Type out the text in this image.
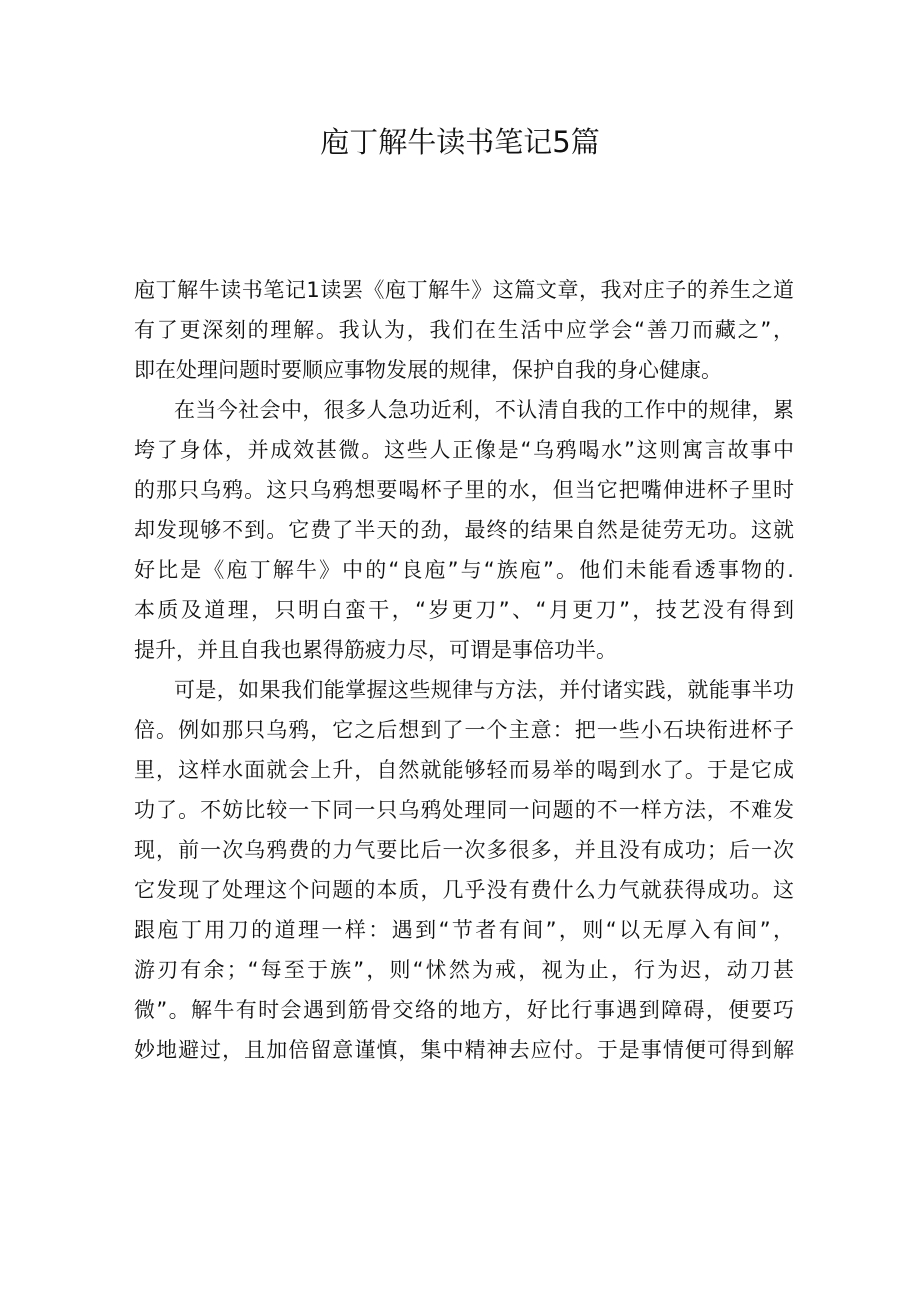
庖丁解牛读书笔记5篇
庖丁解牛读书笔记1读罢《庖丁解牛》这篇文章，我对庄子的养生之道
有了更深刻的理解。我认为，我们在生活中应学会“善刀而藏之”，
即在处理问题时要顺应事物发展的规律，保护自我的身心健康。
在当今社会中，很多人急功近利，不认清自我的工作中的规律，累
垮了身体，并成效甚微。这些人正像是“乌鸦喝水”这则寓言故事中
的那只乌鸦。这只乌鸦想要喝杯子里的水，但当它把嘴伸进杯子里时
却发现够不到。它费了半天的劲，最终的结果自然是徒劳无功。这就
好比是《庖丁解牛》中的“良庖”与“族庖”。他们未能看透事物的.
本质及道理，只明白蛮干，“岁更刀”、“月更刀”，技艺没有得到
提升，并且自我也累得筋疲力尽，可谓是事倍功半。
可是，如果我们能掌握这些规律与方法，并付诸实践，就能事半功
倍。例如那只乌鸦，它之后想到了一个主意：把一些小石块衔进杯子
里，这样水面就会上升，自然就能够轻而易举的喝到水了。于是它成
功了。不妨比较一下同一只乌鸦处理同一问题的不一样方法，不难发
现，前一次乌鸦费的力气要比后一次多很多，并且没有成功；后一次
它发现了处理这个问题的本质，几乎没有费什么力气就获得成功。这
跟庖丁用刀的道理一样：遇到“节者有间”，则“以无厚入有间”，
游刃有余；“每至于族”，则“怵然为戒，视为止，行为迟，动刀甚
微”。解牛有时会遇到筋骨交络的地方，好比行事遇到障碍，便要巧
妙地避过，且加倍留意谨慎，集中精神去应付。于是事情便可得到解
